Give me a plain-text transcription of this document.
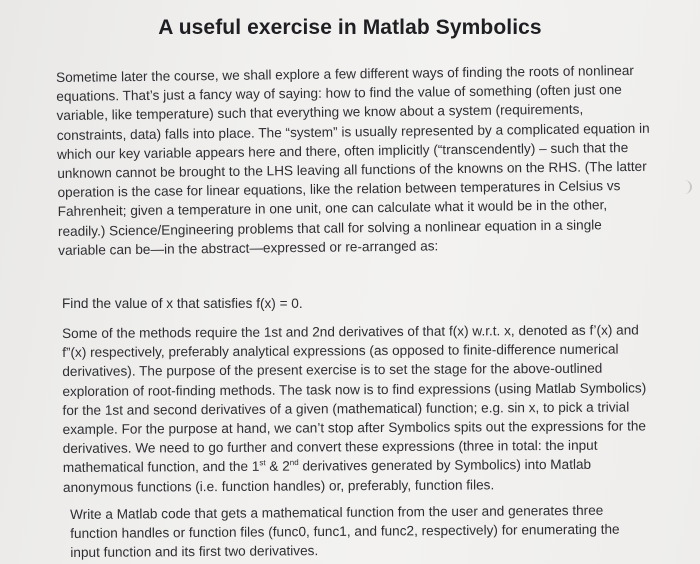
A useful exercise in Matlab Symbolics

Sometime later the course, we shall explore a few different ways of finding the roots of nonlinear equations. That’s just a fancy way of saying: how to find the value of something (often just one variable, like temperature) such that everything we know about a system (requirements, constraints, data) falls into place. The “system” is usually represented by a complicated equation in which our key variable appears here and there, often implicitly (“transcendently) – such that the unknown cannot be brought to the LHS leaving all functions of the knowns on the RHS. (The latter operation is the case for linear equations, like the relation between temperatures in Celsius vs Fahrenheit; given a temperature in one unit, one can calculate what it would be in the other, readily.) Science/Engineering problems that call for solving a nonlinear equation in a single variable can be—in the abstract—expressed or re-arranged as:

Find the value of x that satisfies f(x) = 0.

Some of the methods require the 1st and 2nd derivatives of that f(x) w.r.t. x, denoted as f’(x) and f”(x) respectively, preferably analytical expressions (as opposed to finite-difference numerical derivatives). The purpose of the present exercise is to set the stage for the above-outlined exploration of root-finding methods. The task now is to find expressions (using Matlab Symbolics) for the 1st and second derivatives of a given (mathematical) function; e.g. sin x, to pick a trivial example. For the purpose at hand, we can’t stop after Symbolics spits out the expressions for the derivatives. We need to go further and convert these expressions (three in total: the input mathematical function, and the 1st & 2nd derivatives generated by Symbolics) into Matlab anonymous functions (i.e. function handles) or, preferably, function files.

Write a Matlab code that gets a mathematical function from the user and generates three function handles or function files (func0, func1, and func2, respectively) for enumerating the input function and its first two derivatives.
